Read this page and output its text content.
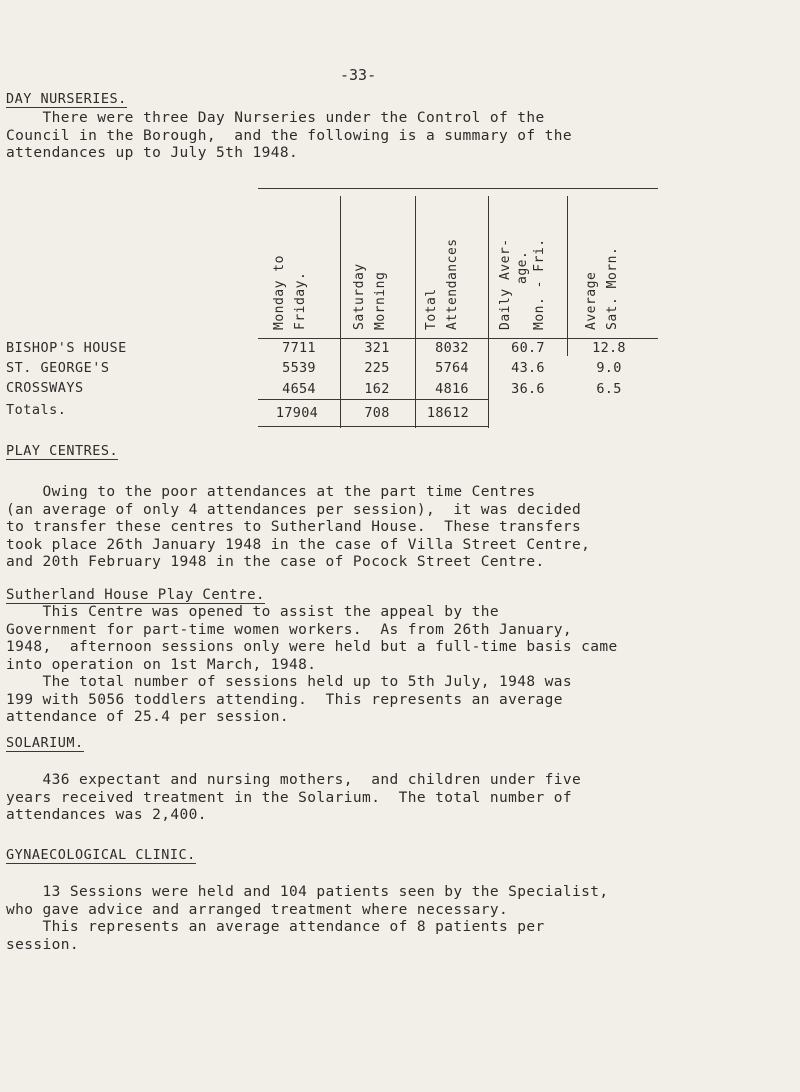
-33-
DAY NURSERIES.
There were three Day Nurseries under the Control of the
Council in the Borough,  and the following is a summary of the
attendances up to July 5th 1948.
Monday to Friday.	Saturday Morning	Total Attendances	Daily Aver- age. Mon. - Fri.	Average Sat. Morn.
BISHOP'S HOUSE	7711	321	8032	60.7	12.8
ST. GEORGE'S	5539	225	5764	43.6	9.0
CROSSWAYS	4654	162	4816	36.6	6.5
Totals.	17904	708	18612
PLAY CENTRES.
Owing to the poor attendances at the part time Centres
(an average of only 4 attendances per session),  it was decided
to transfer these centres to Sutherland House.  These transfers
took place 26th January 1948 in the case of Villa Street Centre,
and 20th February 1948 in the case of Pocock Street Centre.
Sutherland House Play Centre.
This Centre was opened to assist the appeal by the
Government for part-time women workers.  As from 26th January,
1948,  afternoon sessions only were held but a full-time basis came
into operation on 1st March, 1948.
The total number of sessions held up to 5th July, 1948 was
199 with 5056 toddlers attending.  This represents an average
attendance of 25.4 per session.
SOLARIUM.
436 expectant and nursing mothers,  and children under five
years received treatment in the Solarium.  The total number of
attendances was 2,400.
GYNAECOLOGICAL CLINIC.
13 Sessions were held and 104 patients seen by the Specialist,
who gave advice and arranged treatment where necessary.
This represents an average attendance of 8 patients per
session.
